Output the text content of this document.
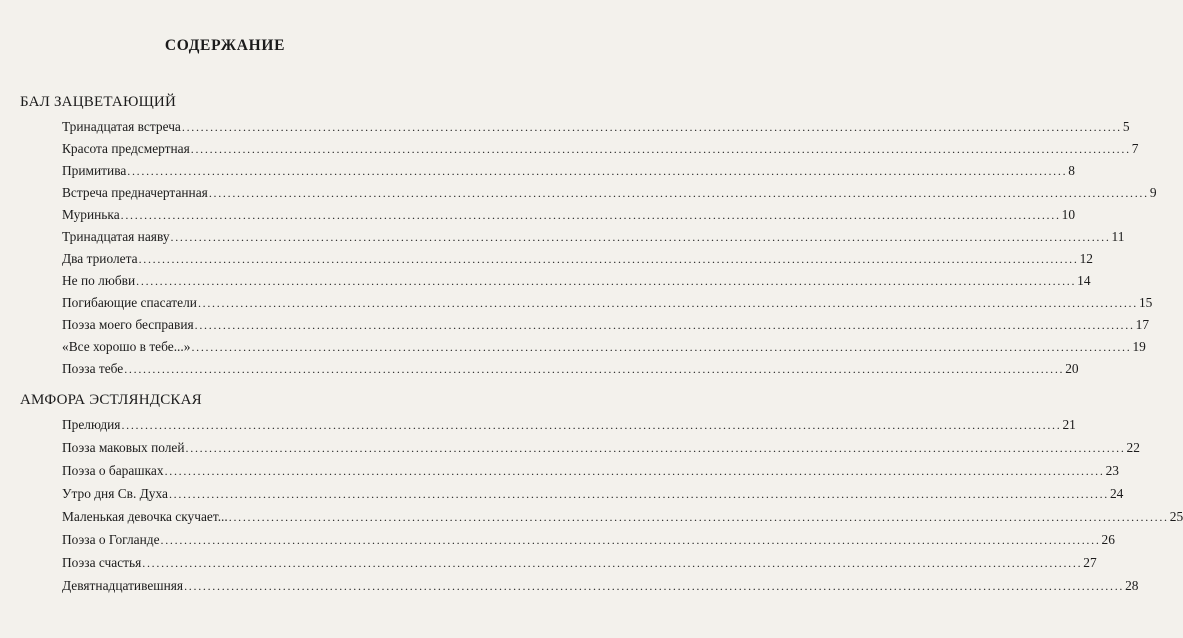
СОДЕРЖАНИЕ
БАЛ ЗАЦВЕТАЮЩИЙ
Тринадцатая встреча ........................................................................................................................................................................................................ 5
Красота предсмертная ........................................................................................................................................................................................................ 7
Примитива ........................................................................................................................................................................................................ 8
Встреча предначертанная ........................................................................................................................................................................................................ 9
Муринька ........................................................................................................................................................................................................ 10
Тринадцатая наяву ........................................................................................................................................................................................................ 11
Два триолета ........................................................................................................................................................................................................ 12
Не по любви ........................................................................................................................................................................................................ 14
Погибающие спасатели ........................................................................................................................................................................................................ 15
Поэза моего бесправия ........................................................................................................................................................................................................ 17
«Все хорошо в тебе...» ........................................................................................................................................................................................................ 19
Поэза тебе ........................................................................................................................................................................................................ 20
АМФОРА ЭСТЛЯНДСКАЯ
Прелюдия ........................................................................................................................................................................................................ 21
Поэза маковых полей ........................................................................................................................................................................................................ 22
Поэза о барашках ........................................................................................................................................................................................................ 23
Утро дня Св. Духа ........................................................................................................................................................................................................ 24
Маленькая девочка скучает... ........................................................................................................................................................................................................ 25
Поэза о Гогланде ........................................................................................................................................................................................................ 26
Поэза счастья ........................................................................................................................................................................................................ 27
Девятнадцативешняя ........................................................................................................................................................................................................ 28
